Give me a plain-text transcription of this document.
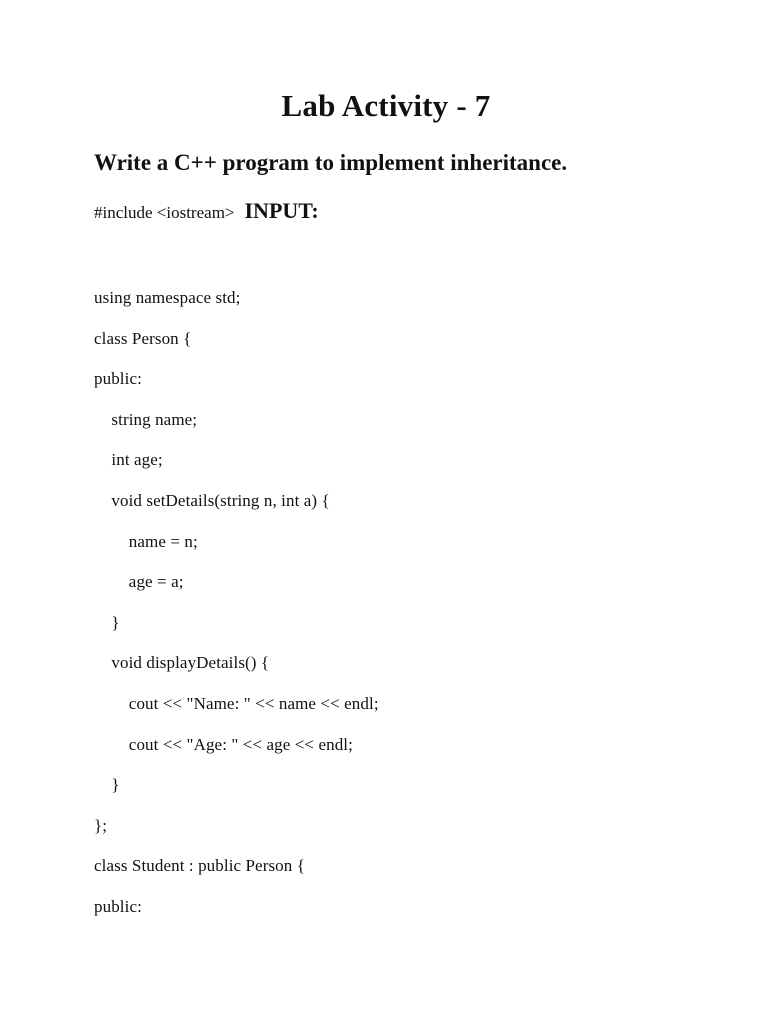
Lab Activity - 7

Write a C++ program to implement inheritance.

#include <iostream> INPUT:

using namespace std;
class Person {
public:
string name;
int age;
void setDetails(string n, int a) {
name = n;
age = a;
}
void displayDetails() {
cout << "Name: " << name << endl;
cout << "Age: " << age << endl;
}
};
class Student : public Person {
public:
